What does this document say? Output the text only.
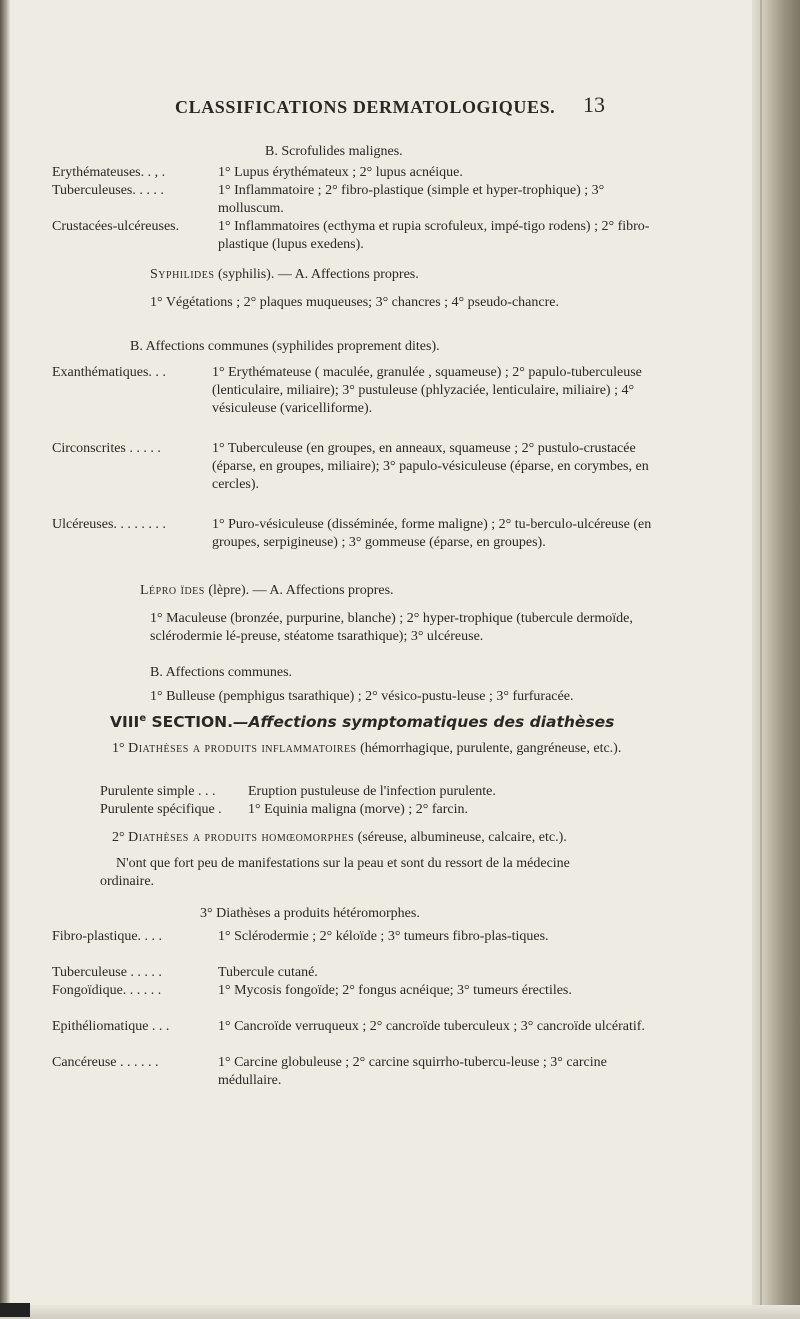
CLASSIFICATIONS DERMATOLOGIQUES. 13
B. Scrofulides malignes.
Erythémateuses. . , .	1° Lupus érythémateux ; 2° lupus acnéique.
Tuberculeuses. . . . .	1° Inflammatoire ; 2° fibro-plastique (simple et hyper-trophique) ; 3° molluscum.
Crustacées-ulcéreuses.	1° Inflammatoires (ecthyma et rupia scrofuleux, impé-tigo rodens) ; 2° fibro-plastique (lupus exedens).
Syphilides (syphilis). — A. Affections propres.
1° Végétations ; 2° plaques muqueuses; 3° chancres ; 4° pseudo-chancre.
B. Affections communes (syphilides proprement dites).
Exanthématiques. . .	1° Erythémateuse ( maculée, granulée , squameuse) ; 2° papulo-tuberculeuse (lenticulaire, miliaire); 3° pustuleuse (phlyzaciée, lenticulaire, miliaire) ; 4° vésiculeuse (varicelliforme).
Circonscrites . . . . .	1° Tuberculeuse (en groupes, en anneaux, squameuse ; 2° pustulo-crustacée (éparse, en groupes, miliaire); 3° papulo-vésiculeuse (éparse, en corymbes, en cercles).
Ulcéreuses. . . . . . . .	1° Puro-vésiculeuse (disséminée, forme maligne) ; 2° tu-berculo-ulcéreuse (en groupes, serpigineuse) ; 3° gommeuse (éparse, en groupes).
Lépro ïdes (lèpre). — A. Affections propres.
1° Maculeuse (bronzée, purpurine, blanche) ; 2° hyper-trophique (tubercule dermoïde, sclérodermie lé-preuse, stéatome tsarathique); 3° ulcéreuse.
B. Affections communes.
1° Bulleuse (pemphigus tsarathique) ; 2° vésico-pustu-leuse ; 3° furfuracée.
VIIIe SECTION.—Affections symptomatiques des diathèses
1° Diathèses a produits inflammatoires (hémorrhagique, purulente, gangréneuse, etc.).
Purulente simple . . . Eruption pustuleuse de l'infection purulente.
Purulente spécifique . 1° Equinia maligna (morve) ; 2° farcin.
2° Diathèses a produits homœomorphes (séreuse, albumineuse, calcaire, etc.).
N'ont que fort peu de manifestations sur la peau et sont du ressort de la médecine ordinaire.
3° Diathèses a produits hétéromorphes.
Fibro-plastique. . . .	1° Sclérodermie ; 2° kéloïde ; 3° tumeurs fibro-plas-tiques.
Tuberculeuse . . . . .	Tubercule cutané.
Fongoïdique. . . . . .	1° Mycosis fongoïde; 2° fongus acnéique; 3° tumeurs érectiles.
Epithéliomatique . . .	1° Cancroïde verruqueux ; 2° cancroïde tuberculeux ; 3° cancroïde ulcératif.
Cancéreuse . . . . . .	1° Carcine globuleuse ; 2° carcine squirrho-tubercu-leuse ; 3° carcine médullaire.
